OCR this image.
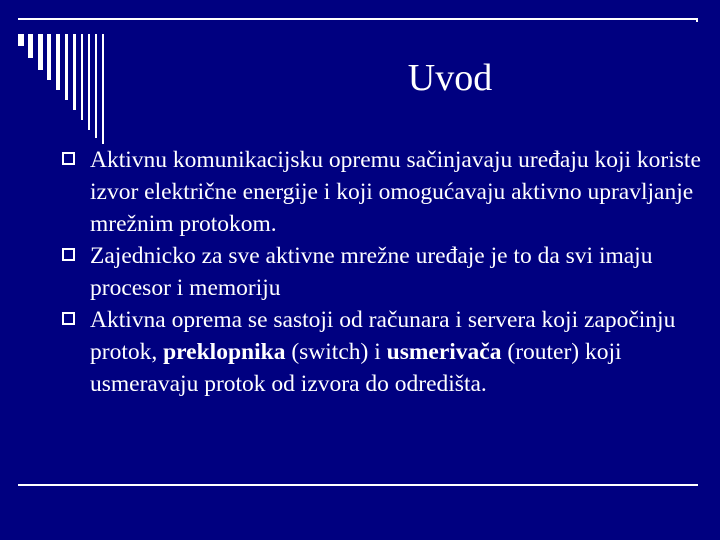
Uvod
Aktivnu komunikacijsku opremu sačinjavaju uređaju koji koriste izvor električne energije i koji omogućavaju aktivno upravljanje mrežnim protokom.
Zajednicko za sve aktivne mrežne uređaje je to da svi imaju procesor i memoriju
Aktivna oprema se sastoji od računara i servera koji započinju protok, preklopnika (switch) i usmerivača (router) koji usmeravaju protok od izvora do odredišta.
